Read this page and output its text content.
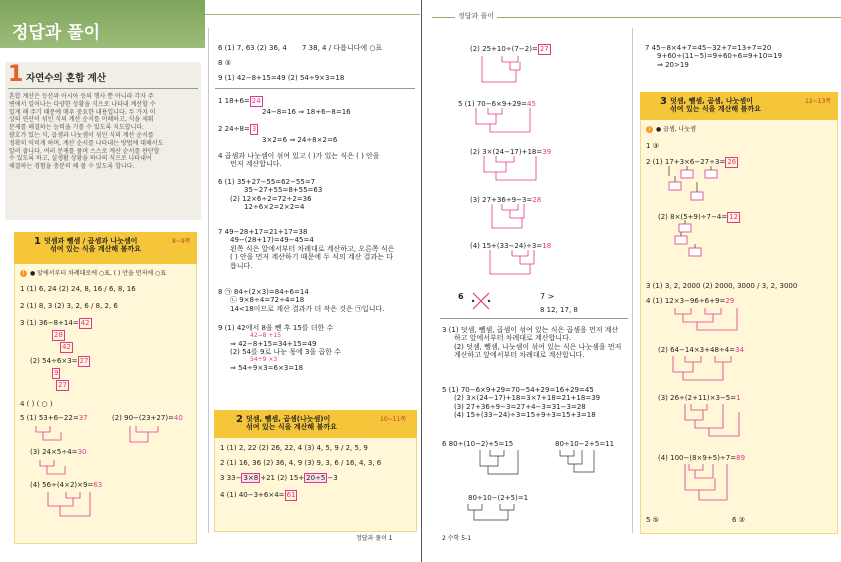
정답과 풀이
정답과 풀이
1 자연수의 혼합 계산
혼합 계산은 등산과 아시아 등의 행사 뿐 아니라 각자 주
변에서 일어나는 다양한 상황을 식으로 나타내 계산할 수
있게 해 주기 때문에 매우 중요한 내용입니다. 두 가지 이
상의 연산이 섞인 식의 계산 순서를 이해하고, 식을 세워
문제를 해결하는 능력을 기를 수 있도록 지도합니다.
괄호가 있는 식, 곱셈과 나눗셈이 섞인 식의 계산 순서를
정확히 익히게 하며, 계산 순서를 나타내는 방법에 대해서도
알려 줍니다. 여러 문제를 풀며 스스로 계산 순서를 판단할
수 있도록 하고, 실생활 상황을 하나의 식으로 나타내어
해결하는 경험을 충분히 해 볼 수 있도록 합니다.
1 덧셈과 뺄셈 / 곱셈과 나눗셈이
섞여 있는 식을 계산해 볼까요
8~9쪽
! ● 앞에서부터 차례대로에 ○표, ( ) 안을 먼저에 ○표
1 (1) 6, 24 (2) 24, 8, 16 / 6, 8, 16
2 (1) 8, 3 (2) 3, 2, 6 / 8, 2, 6
3 (1) 36−8+14= 42
28
42
(2) 54÷6×3= 27
9
27
4 ( ) ( ○ )
5 (1) 53+6−22=37	(2) 90−(23+27)=40
(3) 24×5÷4=30
(4) 56÷(4×2)×9=63
6 (1) 7, 63 (2) 36, 4 7 38, 4 / 다릅니다에 ○표
8 ③
9 (1) 42−8+15=49 (2) 54÷9×3=18
1 18+6= 24
24−8=16 ⇒ 18+6−8=16
2 24÷8= 3
3×2=6 ⇒ 24÷8×2=6
4 곱셈과 나눗셈이 섞여 있고 ( )가 있는 식은 ( ) 안을
먼저 계산합니다.
6 (1) 35+27−55=62−55=7
35−27+55=8+55=63
(2) 12×6÷2=72÷2=36
12÷6×2=2×2=4
7 49−28+17=21+17=38
49−(28+17)=49−45=4
왼쪽 식은 앞에서부터 차례대로 계산하고, 오른쪽 식은
( ) 안을 먼저 계산하기 때문에 두 식의 계산 결과는 다
릅니다.
8 ㉠ 84÷(2×3)=84÷6=14
㉡ 9×8÷4=72÷4=18
14<18이므로 계산 결과가 더 작은 것은 ㉠입니다.
9 (1) 42에서 8을 뺀 후 15를 더한 수
42−8 +15
⇒ 42−8+15=34+15=49
(2) 54를 9로 나눈 몫에 3을 곱한 수
54÷9 ×3
⇒ 54÷9×3=6×3=18
2 덧셈, 뺄셈, 곱셈(나눗셈)이
섞여 있는 식을 계산해 볼까요
10~11쪽
1 (1) 2, 22 (2) 26, 22, 4 (3) 4, 5, 9 / 2, 5, 9
2 (1) 16, 36 (2) 36, 4, 9 (3) 9, 3, 6 / 16, 4, 3, 6
3 33− 3×8 +21 (2) 15+ 20÷5 −3
4 (1) 40−3+6×4= 61
정답과 풀이 1
(2) 25+10÷(7−2)= 27
5 (1) 70−6×9+29=45
(2) 3×(24−17)+18=39
(3) 27+36÷9−3=28
(4) 15+(33−24)÷3=18
6	7 >
8 12, 17, 8
3 (1) 덧셈, 뺄셈, 곱셈이 섞여 있는 식은 곱셈을 먼저 계산
하고 앞에서부터 차례대로 계산합니다.
(2) 덧셈, 뺄셈, 나눗셈이 섞여 있는 식은 나눗셈을 먼저
계산하고 앞에서부터 차례대로 계산합니다.
5 (1) 70−6×9+29=70−54+29=16+29=45
(2) 3×(24−17)+18=3×7+18=21+18=39
(3) 27+36÷9−3=27+4−3=31−3=28
(4) 15+(33−24)÷3=15+9÷3=15+3=18
6 80÷(10−2)+5=15	80÷10−2+5=11
80÷10−(2+5)=1
2 수학 5-1
7 45−8×4+7=45−32+7=13+7=20
9+60÷(11−5)=9+60÷6=9+10=19
⇒ 20>19
3 덧셈, 뺄셈, 곱셈, 나눗셈이
섞여 있는 식을 계산해 볼까요
12~13쪽
! ● 곱셈, 나눗셈
1 ③
2 (1) 17+3×6−27÷3= 26
(2) 8×(5+9)÷7−4= 12
3 (1) 3, 2, 2000 (2) 2000, 3000 / 3, 2, 3000
4 (1) 12×3−96÷6+9=29
(2) 64−14×3+48÷4=34
(3) 26÷(2+11)×3−5=1
(4) 100−(8×9+5)÷7=89
5 ⑤	6 ③
